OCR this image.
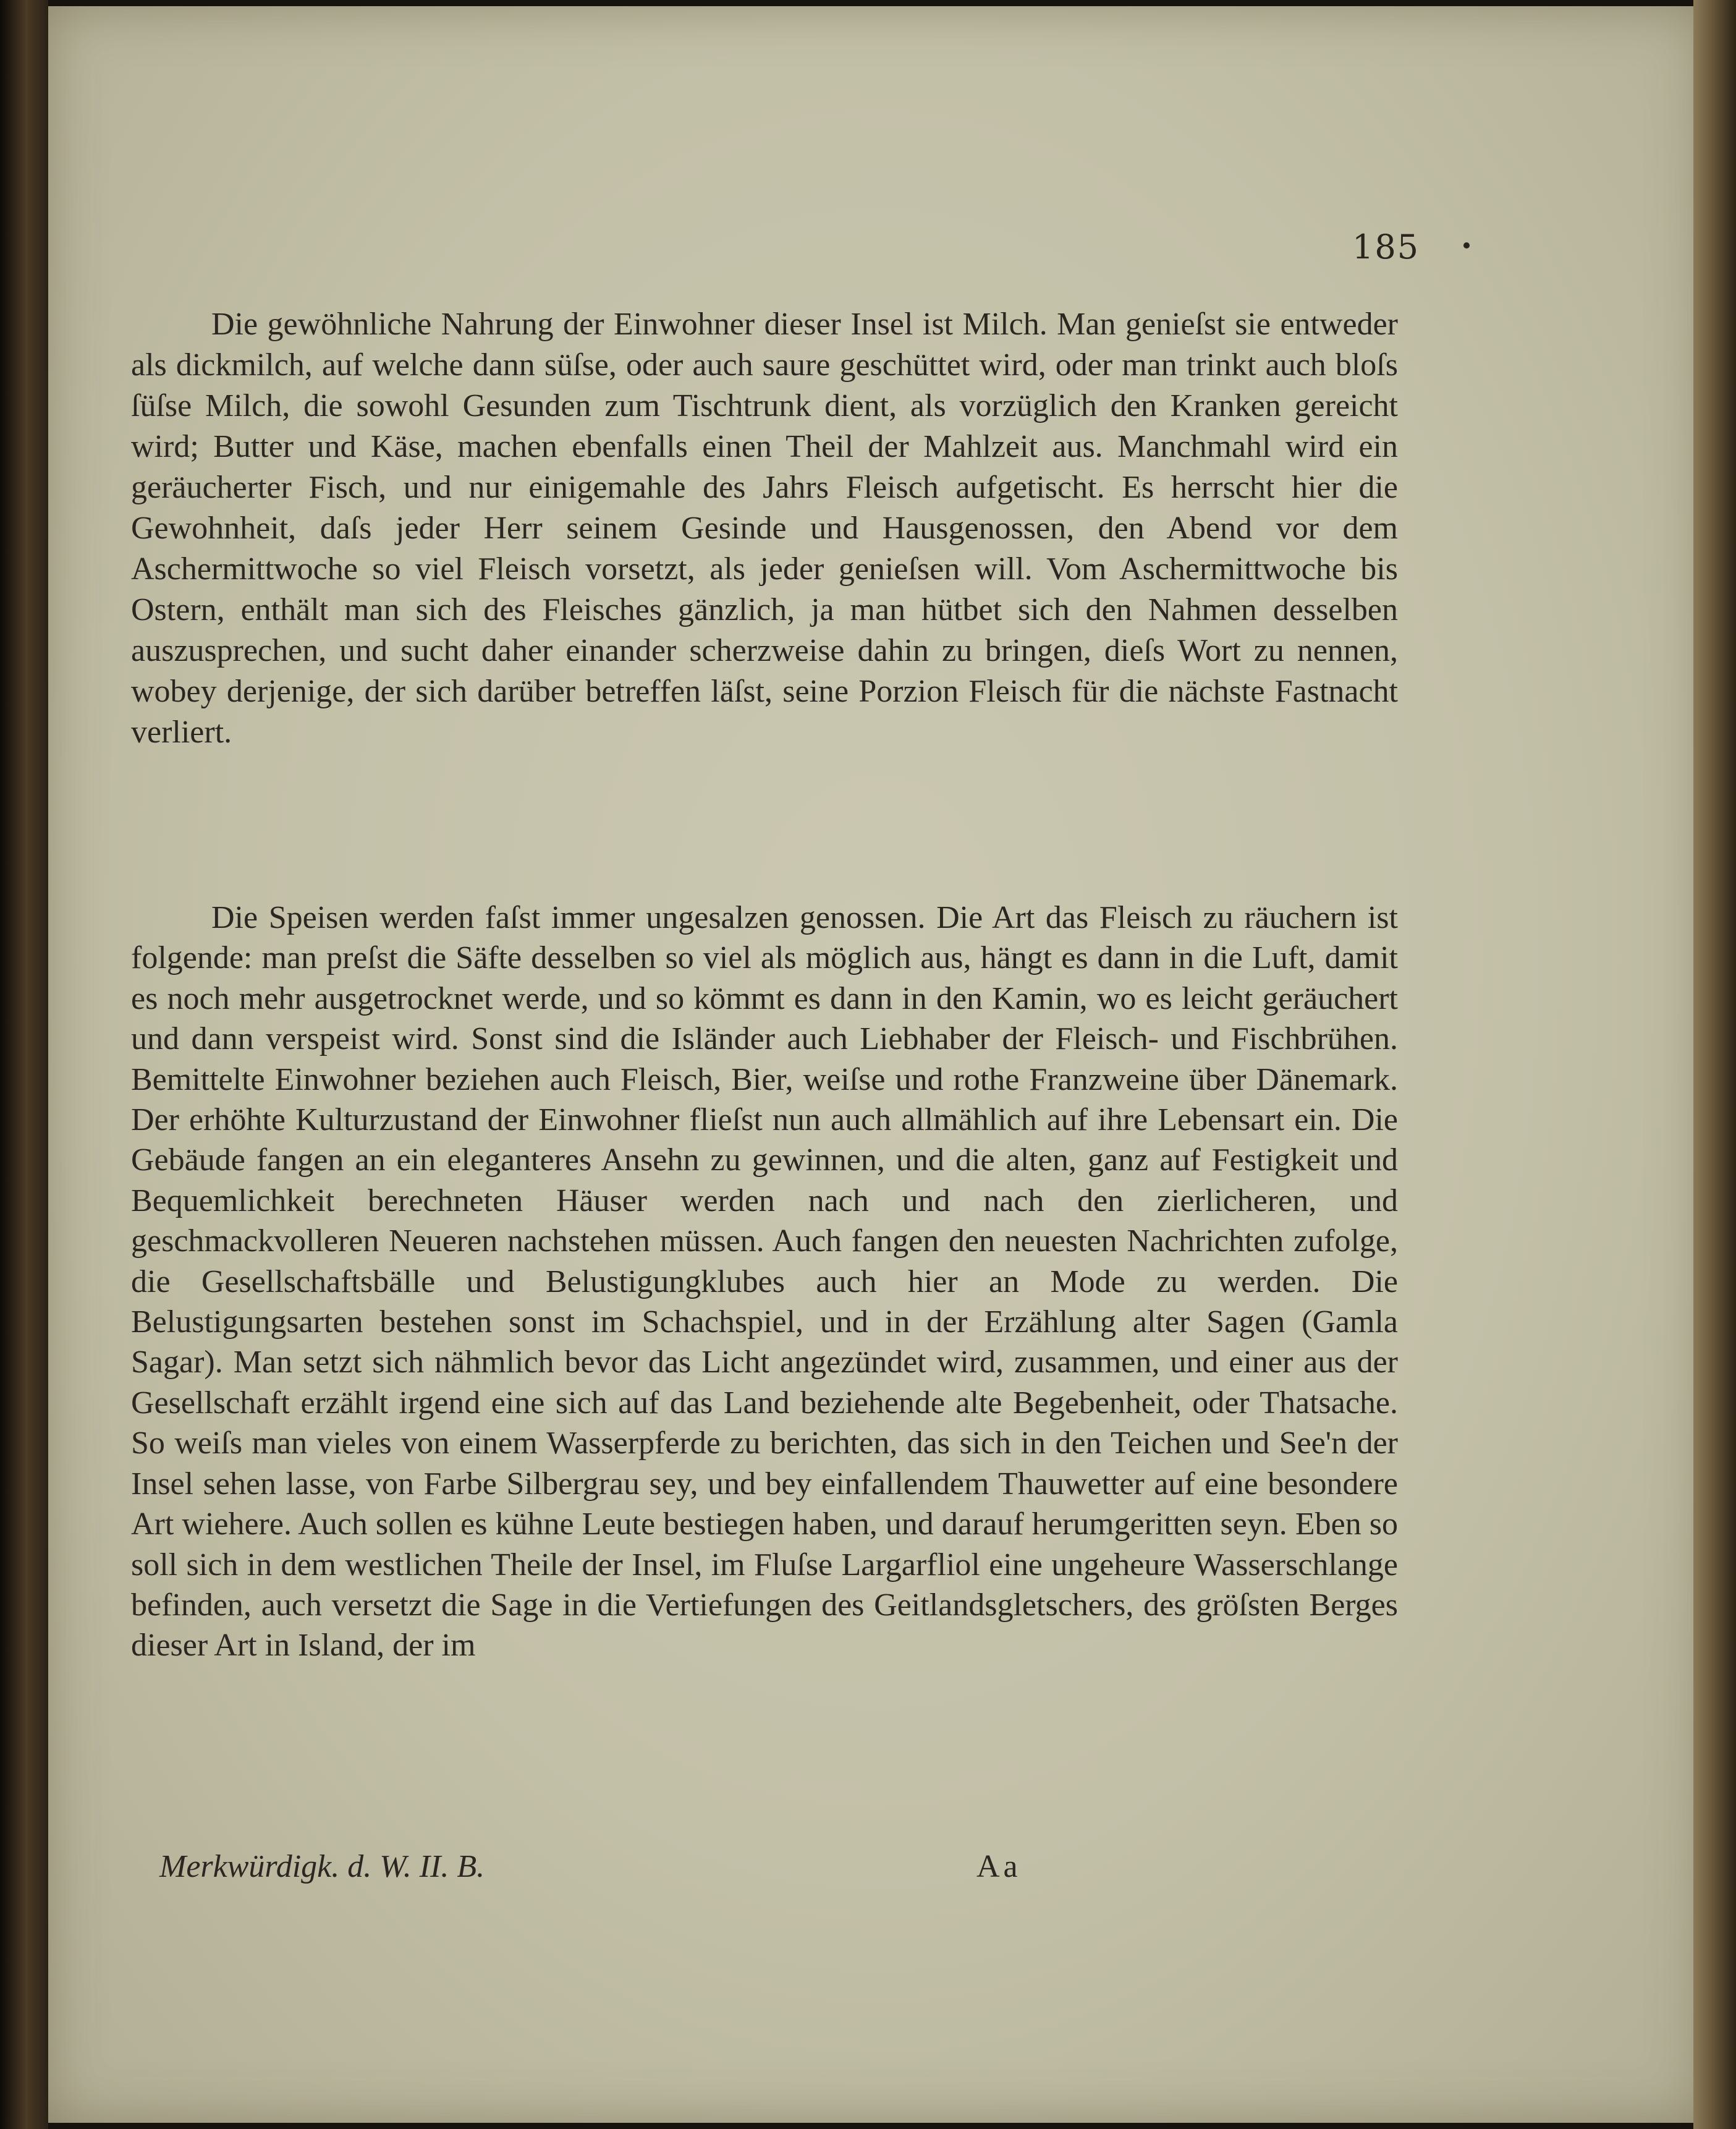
185

Die gewöhnliche Nahrung der Einwohner dieser Insel ist Milch. Man genieſst sie entweder als dickmilch, auf welche dann süſse, oder auch saure geschüttet wird, oder man trinkt auch bloſs ſüſse Milch, die sowohl Gesunden zum Tischtrunk dient, als vorzüglich den Kranken gereicht wird; Butter und Käse, machen ebenfalls einen Theil der Mahlzeit aus. Manchmahl wird ein geräucherter Fisch, und nur einigemahle des Jahrs Fleisch aufgetischt. Es herrscht hier die Gewohnheit, daſs jeder Herr seinem Gesinde und Hausgenossen, den Abend vor dem Aschermittwoche so viel Fleisch vorsetzt, als jeder genieſsen will. Vom Aschermittwoche bis Ostern, enthält man sich des Fleisches gänzlich, ja man hütbet sich den Nahmen desselben auszusprechen, und sucht daher einander scherzweise dahin zu bringen, dieſs Wort zu nennen, wobey derjenige, der sich darüber betreffen läſst, seine Porzion Fleisch für die nächste Fastnacht verliert.

Die Speisen werden faſst immer ungesalzen genossen. Die Art das Fleisch zu räuchern ist folgende: man preſst die Säfte desselben so viel als möglich aus, hängt es dann in die Luft, damit es noch mehr ausgetrocknet werde, und so kömmt es dann in den Kamin, wo es leicht geräuchert und dann verspeist wird. Sonst sind die Isländer auch Liebhaber der Fleisch- und Fischbrühen. Bemittelte Einwohner beziehen auch Fleisch, Bier, weiſse und rothe Franzweine über Dänemark. Der erhöhte Kulturzustand der Einwohner flieſst nun auch allmählich auf ihre Lebensart ein. Die Gebäude fangen an ein eleganteres Ansehn zu gewinnen, und die alten, ganz auf Festigkeit und Bequemlichkeit berechneten Häuser werden nach und nach den zierlicheren, und geschmackvolleren Neueren nachstehen müssen. Auch fangen den neuesten Nachrichten zufolge, die Gesellschaftsbälle und Belustigungklubes auch hier an Mode zu werden. Die Belustigungsarten bestehen sonst im Schachspiel, und in der Erzählung alter Sagen (Gamla Sagar). Man setzt sich nähmlich bevor das Licht angezündet wird, zusammen, und einer aus der Gesellschaft erzählt irgend eine sich auf das Land beziehende alte Begebenheit, oder Thatsache. So weiſs man vieles von einem Wasserpferde zu berichten, das sich in den Teichen und See'n der Insel sehen lasse, von Farbe Silbergrau sey, und bey einfallendem Thauwetter auf eine besondere Art wiehere. Auch sollen es kühne Leute bestiegen haben, und darauf herumgeritten seyn. Eben so soll sich in dem westlichen Theile der Insel, im Fluſse Largarfliol eine ungeheure Wasserschlange befinden, auch versetzt die Sage in die Vertiefungen des Geitlandsgletschers, des gröſsten Berges dieser Art in Island, der im

Merkwürdigk. d. W. II. B.	Aa
